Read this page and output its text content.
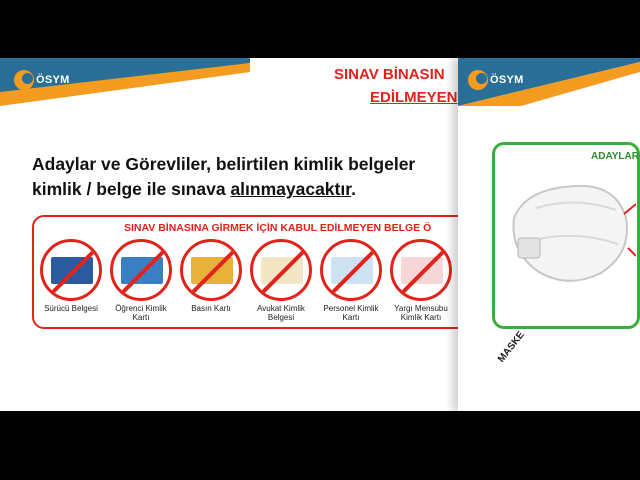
ÖSYM	SINAV BİNASIN
EDİLMEYEN
Adaylar ve Görevliler, belirtilen kimlik belgeler
kimlik / belge ile sınava alınmayacaktır.
SINAV BİNASINA GİRMEK İÇİN KABUL EDİLMEYEN BELGE Ö
Sürücü Belgesi	Öğrenci Kimlik Kartı
Basın Kartı	Avukat Kimlik Belgesi
Personel Kimlik Kartı
Yargı Mensubu Kimlik Kartı
ÖSYM
ADAYLAR
MASKE
